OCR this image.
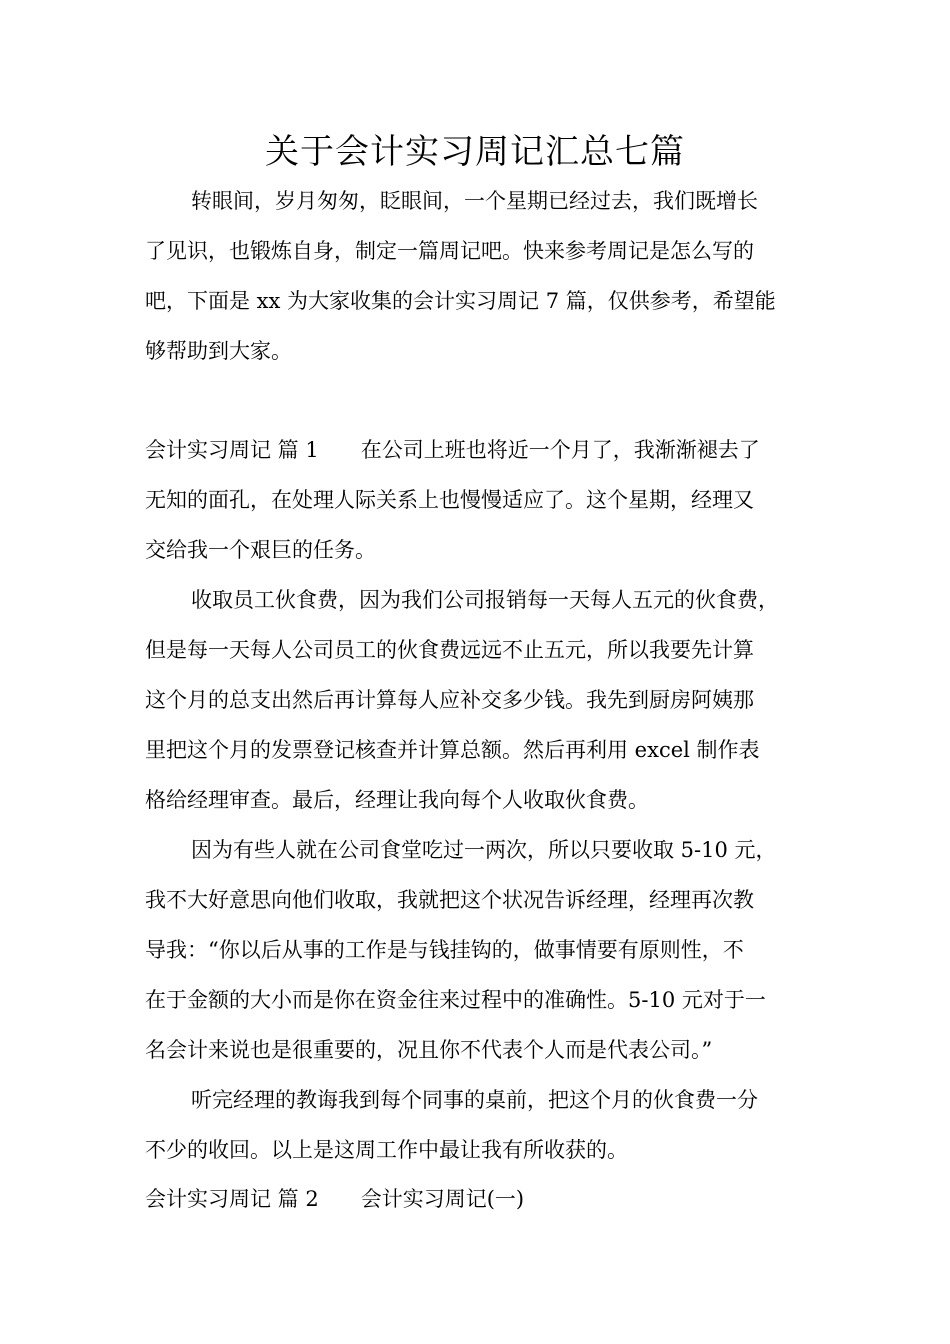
关于会计实习周记汇总七篇
转眼间，岁月匆匆，眨眼间，一个星期已经过去，我们既增长
了见识，也锻炼自身，制定一篇周记吧。快来参考周记是怎么写的
吧，下面是 xx 为大家收集的会计实习周记 7 篇，仅供参考，希望能
够帮助到大家。
会计实习周记 篇 1 在公司上班也将近一个月了，我渐渐褪去了
无知的面孔，在处理人际关系上也慢慢适应了。这个星期，经理又
交给我一个艰巨的任务。
收取员工伙食费，因为我们公司报销每一天每人五元的伙食费，
但是每一天每人公司员工的伙食费远远不止五元，所以我要先计算
这个月的总支出然后再计算每人应补交多少钱。我先到厨房阿姨那
里把这个月的发票登记核查并计算总额。然后再利用 excel 制作表
格给经理审查。最后，经理让我向每个人收取伙食费。
因为有些人就在公司食堂吃过一两次，所以只要收取 5-10 元，
我不大好意思向他们收取，我就把这个状况告诉经理，经理再次教
导我：“你以后从事的工作是与钱挂钩的，做事情要有原则性，不
在于金额的大小而是你在资金往来过程中的准确性。5-10 元对于一
名会计来说也是很重要的，况且你不代表个人而是代表公司。”
听完经理的教诲我到每个同事的桌前，把这个月的伙食费一分
不少的收回。以上是这周工作中最让我有所收获的。
会计实习周记 篇 2 会计实习周记(一)
